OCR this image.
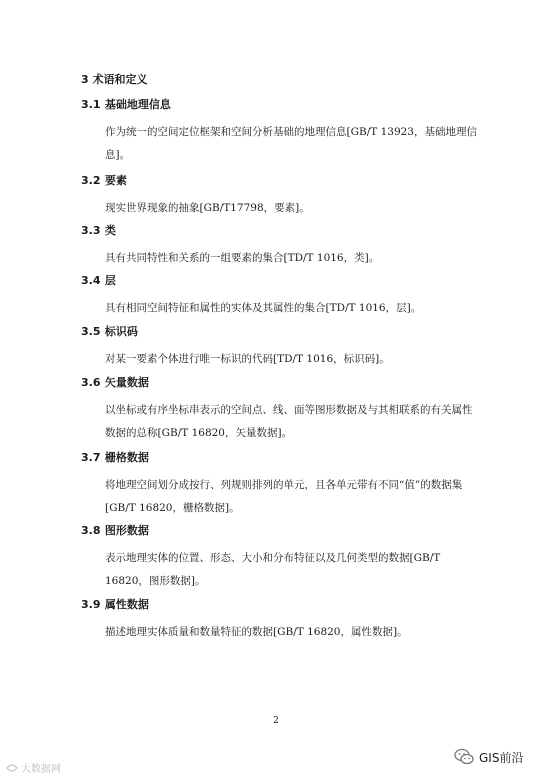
3 术语和定义
3.1 基础地理信息

作为统一的空间定位框架和空间分析基础的地理信息[GB/T 13923，基础地理信息]。

3.2 要素

现实世界现象的抽象[GB/T17798，要素]。

3.3 类

具有共同特性和关系的一组要素的集合[TD/T 1016，类]。

3.4 层

具有相同空间特征和属性的实体及其属性的集合[TD/T 1016，层]。

3.5 标识码

对某一要素个体进行唯一标识的代码[TD/T 1016，标识码]。

3.6 矢量数据

以坐标或有序坐标串表示的空间点、线、面等图形数据及与其相联系的有关属性数据的总称[GB/T 16820，矢量数据]。

3.7 栅格数据

将地理空间划分成按行、列规则排列的单元，且各单元带有不同“值”的数据集[GB/T 16820，栅格数据]。

3.8 图形数据

表示地理实体的位置、形态、大小和分布特征以及几何类型的数据[GB/T 16820，图形数据]。

3.9 属性数据

描述地理实体质量和数量特征的数据[GB/T 16820，属性数据]。

2
大数据网
GIS前沿
